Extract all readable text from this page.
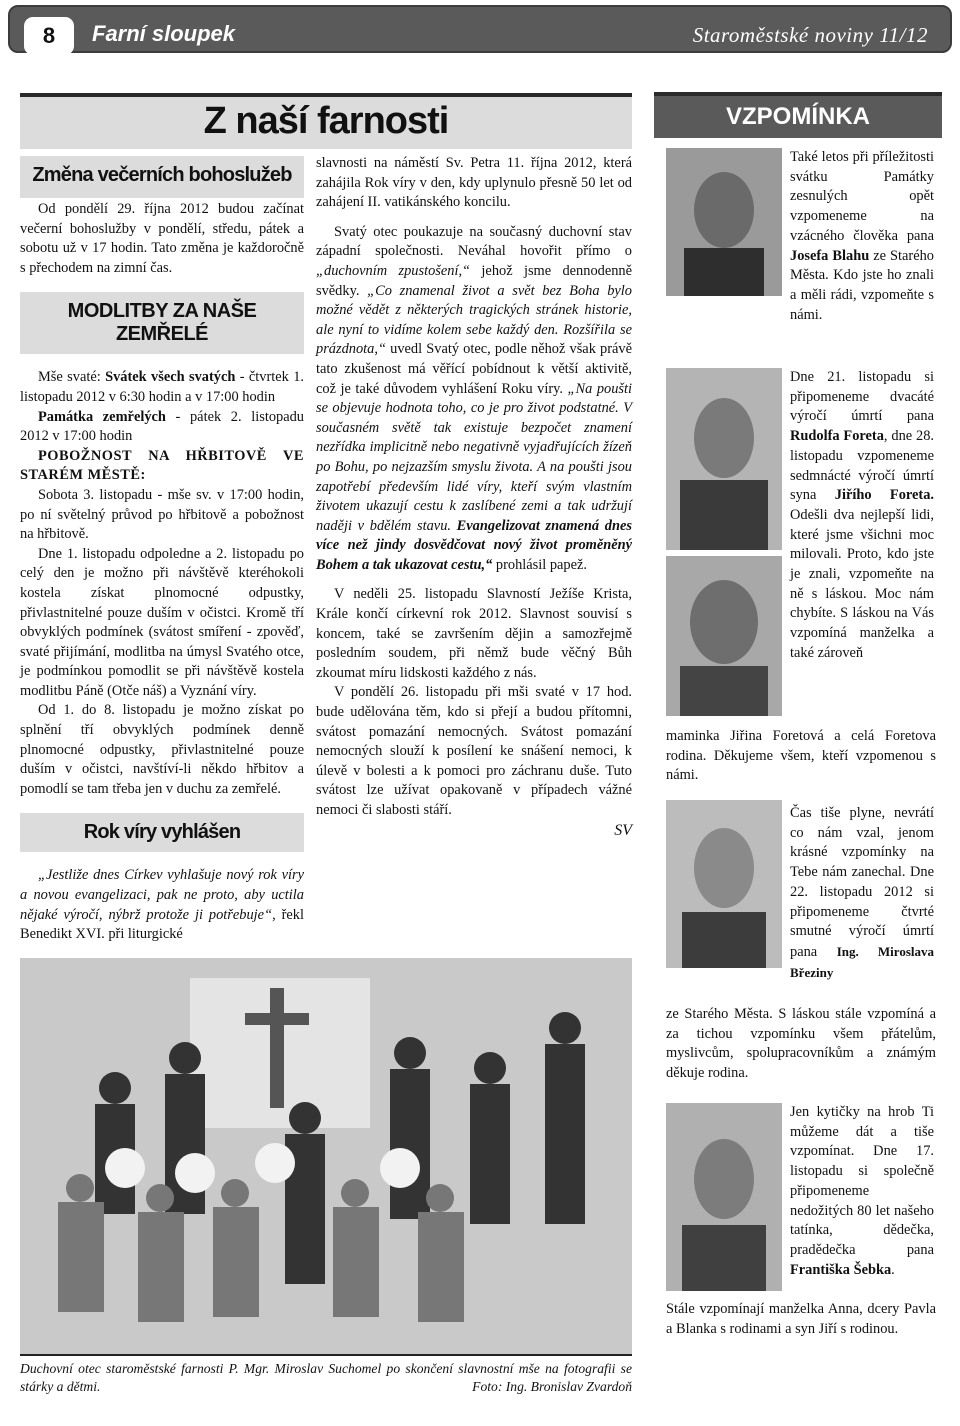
8	Farní sloupek	Staroměstské noviny 11/12
Z naší farnosti
Změna večerních bohoslužeb

Od pondělí 29. října 2012 budou začínat večerní bohoslužby v pondělí, středu, pátek a sobotu už v 17 hodin. Tato změna je každoročně s přechodem na zimní čas.

MODLITBY ZA NAŠE ZEMŘELÉ

Mše svaté: Svátek všech svatých - čtvrtek 1. listopadu 2012 v 6:30 hodin a v 17:00 hodin

Památka zemřelých - pátek 2. listopadu 2012 v 17:00 hodin

POBOŽNOST NA HŘBITOVĚ VE STARÉM MĚSTĚ:

Sobota 3. listopadu - mše sv. v 17:00 hodin, po ní světelný průvod po hřbitově a pobožnost na hřbitově.

Dne 1. listopadu odpoledne a 2. listopadu po celý den je možno při návštěvě kteréhokoli kostela získat plnomocné odpustky, přivlastnitelné pouze duším v očistci. Kromě tří obvyklých podmínek (svátost smíření - zpověď, svaté přijímání, modlitba na úmysl Svatého otce, je podmínkou pomodlit se při návštěvě kostela modlitbu Páně (Otče náš) a Vyznání víry.

Od 1. do 8. listopadu je možno získat po splnění tří obvyklých podmínek denně plnomocné odpustky, přivlastnitelné pouze duším v očistci, navštíví-li někdo hřbitov a pomodlí se tam třeba jen v duchu za zemřelé.

Rok víry vyhlášen

„Jestliže dnes Církev vyhlašuje nový rok víry a novou evangelizaci, pak ne proto, aby uctila nějaké výročí, nýbrž protože ji potřebuje“, řekl Benedikt XVI. při liturgické

slavnosti na náměstí Sv. Petra 11. října 2012, která zahájila Rok víry v den, kdy uplynulo přesně 50 let od zahájení II. vatikánského koncilu.

Svatý otec poukazuje na současný duchovní stav západní společnosti. Neváhal hovořit přímo o „duchovním zpustošení,“ jehož jsme dennodenně svědky. „Co znamenal život a svět bez Boha bylo možné vědět z některých tragických stránek historie, ale nyní to vidíme kolem sebe každý den. Rozšířila se prázdnota,“ uvedl Svatý otec, podle něhož však právě tato zkušenost má věřící pobídnout k větší aktivitě, což je také důvodem vyhlášení Roku víry. „Na poušti se objevuje hodnota toho, co je pro život podstatné. V současném světě tak existuje bezpočet znamení nezřídka implicitně nebo negativně vyjadřujících žízeň po Bohu, po nejzazším smyslu života. A na poušti jsou zapotřebí především lidé víry, kteří svým vlastním životem ukazují cestu k zaslíbené zemi a tak udržují naději v bdělém stavu. Evangelizovat znamená dnes více než jindy dosvědčovat nový život proměněný Bohem a tak ukazovat cestu,“ prohlásil papež.

V neděli 25. listopadu Slavností Ježíše Krista, Krále končí církevní rok 2012. Slavnost souvisí s koncem, také se završením dějin a samozřejmě posledním soudem, při němž bude věčný Bůh zkoumat míru lidskosti každého z nás.

V pondělí 26. listopadu při mši svaté v 17 hod. bude udělována těm, kdo si přejí a budou přítomni, svátost pomazání nemocných. Svátost pomazání nemocných slouží k posílení ke snášení nemoci, k úlevě v bolesti a k pomoci pro záchranu duše. Tuto svátost lze užívat opakovaně v případech vážné nemoci či slabosti stáří.

SV

Duchovní otec staroměstské farnosti P. Mgr. Miroslav Suchomel po skončení slavnostní mše na fotografii se stárky a dětmi.	Foto: Ing. Bronislav Zvardoň
VZPOMÍNKA
Také letos při příležitosti svátku Památky zesnulých opět vzpomeneme na vzácného člověka pana Josefa Blahu ze Starého Města. Kdo jste ho znali a měli rádi, vzpomeňte s námi.
Dne 21. listopadu si připomeneme dvacáté výročí úmrtí pana Rudolfa Foreta, dne 28. listopadu vzpomeneme sedmnácté výročí úmrtí syna Jiřího Foreta. Odešli dva nejlepší lidi, které jsme všichni moc milovali. Proto, kdo jste je znali, vzpomeňte na ně s láskou. Moc nám chybíte. S láskou na Vás vzpomíná manželka a také zároveň
maminka Jiřina Foretová a celá Foretova rodina. Děkujeme všem, kteří vzpomenou s námi.
Čas tiše plyne, nevrátí co nám vzal, jenom krásné vzpomínky na Tebe nám zanechal. Dne 22. listopadu 2012 si připomeneme čtvrté smutné výročí úmrtí pana Ing. Miroslava Březiny
ze Starého Města. S láskou stále vzpomíná a za tichou vzpomínku všem přátelům, myslivcům, spolupracovníkům a známým děkuje rodina.
Jen kytičky na hrob Ti můžeme dát a tiše vzpomínat. Dne 17. listopadu si společně připomeneme nedožitých 80 let našeho tatínka, dědečka, pradědečka pana Františka Šebka.
Stále vzpomínají manželka Anna, dcery Pavla a Blanka s rodinami a syn Jiří s rodinou.
